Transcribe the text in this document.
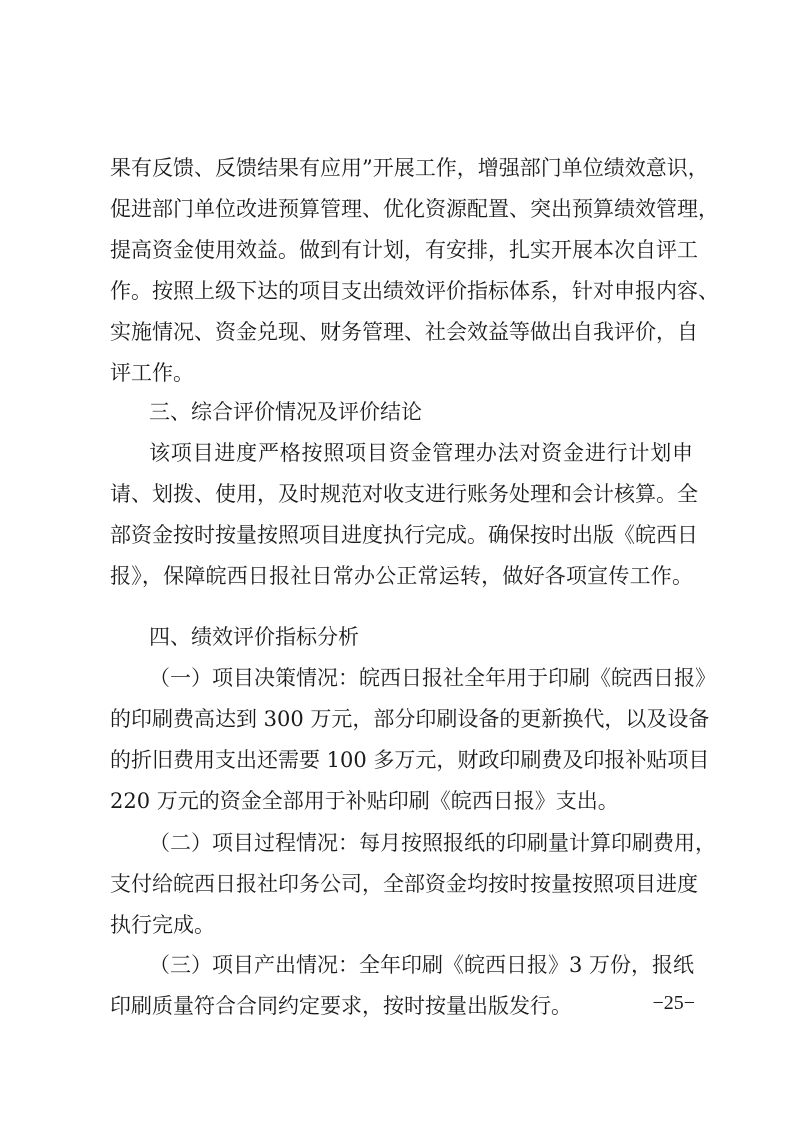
果有反馈、反馈结果有应用”开展工作，增强部门单位绩效意识，
促进部门单位改进预算管理、优化资源配置、突出预算绩效管理，
提高资金使用效益。做到有计划，有安排，扎实开展本次自评工
作。按照上级下达的项目支出绩效评价指标体系，针对申报内容、
实施情况、资金兑现、财务管理、社会效益等做出自我评价，自
评工作。
三、综合评价情况及评价结论
该项目进度严格按照项目资金管理办法对资金进行计划申
请、划拨、使用，及时规范对收支进行账务处理和会计核算。全
部资金按时按量按照项目进度执行完成。确保按时出版《皖西日
报》，保障皖西日报社日常办公正常运转，做好各项宣传工作。
四、绩效评价指标分析
（一）项目决策情况：皖西日报社全年用于印刷《皖西日报》
的印刷费高达到 300 万元，部分印刷设备的更新换代，以及设备
的折旧费用支出还需要 100 多万元，财政印刷费及印报补贴项目
220 万元的资金全部用于补贴印刷《皖西日报》支出。
（二）项目过程情况：每月按照报纸的印刷量计算印刷费用，
支付给皖西日报社印务公司，全部资金均按时按量按照项目进度
执行完成。
（三）项目产出情况：全年印刷《皖西日报》3 万份，报纸
印刷质量符合合同约定要求，按时按量出版发行。	−25−
